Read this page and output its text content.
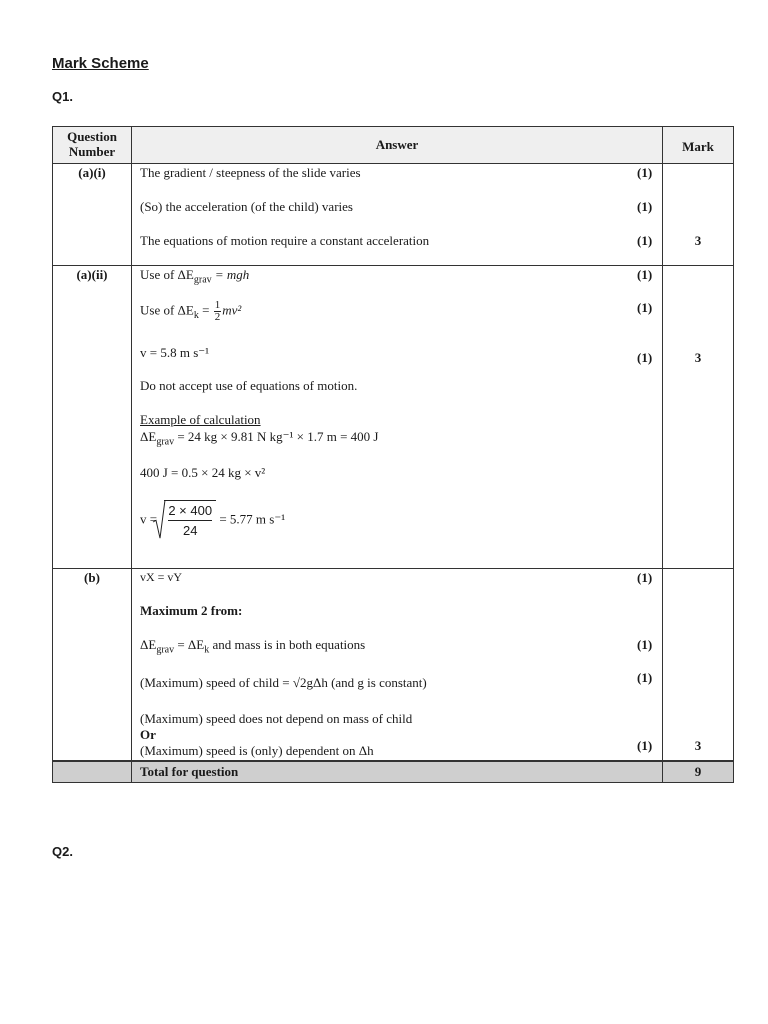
Mark Scheme
Q1.
Question
Number	Answer	Mark
(a)(i)	The gradient / steepness of the slide varies	(1)
(So) the acceleration (of the child) varies	(1)
The equations of motion require a constant acceleration	(1)	3
(a)(ii)	Use of $\Delta E_{grav}$ = mgh	(1)
Use of $\Delta E_k = \frac{1}{2} mv^2$	(1)
v = 5.8 m s⁻¹	(1)	3
Do not accept use of equations of motion.
Example of calculation
$\Delta E_{grav} = 24$ kg × 9.81 N kg⁻¹ × 1.7 m = 400 J
400 J = 0.5 × 24 kg × v²
$v = \frac{2 \times 400}{24} = 5.77$ m s⁻¹
(b)	vX = vY	(1)
Maximum 2 from:
$\Delta E_{grav} = \Delta E_k$ and mass is in both equations	(1)
(Maximum) speed of child = √2gΔh (and g is constant)	(1)
(Maximum) speed does not depend on mass of child
Or
(Maximum) speed is (only) dependent on Δh	(1)	3
Total for question	9
Q2.
